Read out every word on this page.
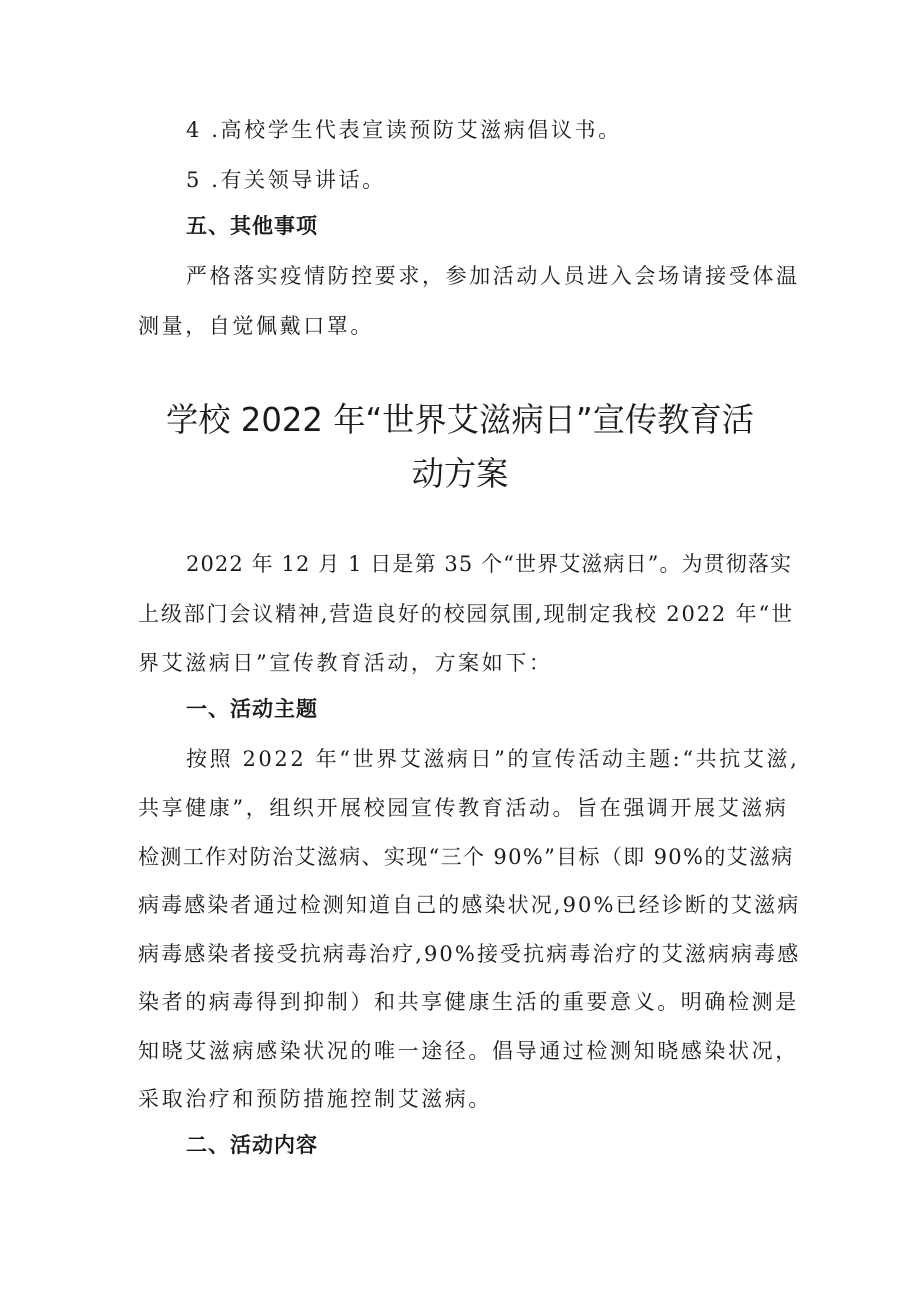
4 .高校学生代表宣读预防艾滋病倡议书。
5 .有关领导讲话。
五、其他事项
严格落实疫情防控要求，参加活动人员进入会场请接受体温
测量，自觉佩戴口罩。
学校 2022 年“世界艾滋病日”宣传教育活
动方案
2022 年 12 月 1 日是第 35 个“世界艾滋病日”。为贯彻落实
上级部门会议精神,营造良好的校园氛围,现制定我校 2022 年“世
界艾滋病日”宣传教育活动，方案如下：
一、活动主题
按照 2022 年“世界艾滋病日”的宣传活动主题:“共抗艾滋,
共享健康”，组织开展校园宣传教育活动。旨在强调开展艾滋病
检测工作对防治艾滋病、实现“三个 90%”目标（即 90%的艾滋病
病毒感染者通过检测知道自己的感染状况,90%已经诊断的艾滋病
病毒感染者接受抗病毒治疗,90%接受抗病毒治疗的艾滋病病毒感
染者的病毒得到抑制）和共享健康生活的重要意义。明确检测是
知晓艾滋病感染状况的唯一途径。倡导通过检测知晓感染状况，
采取治疗和预防措施控制艾滋病。
二、活动内容
